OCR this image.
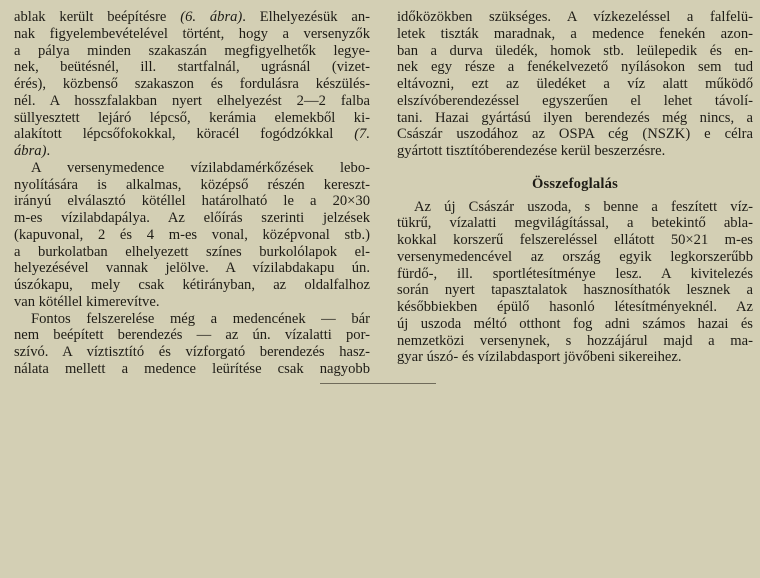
ablak került beépítésre (6. ábra). Elhelyezésük an-
nak figyelembevételével történt, hogy a versenyzők
a pálya minden szakaszán megfigyelhetők legye-
nek, beütésnél, ill. startfalnál, ugrásnál (vizet-
érés), közbenső szakaszon és fordulásra készülés-
nél. A hosszfalakban nyert elhelyezést 2—2 falba
süllyesztett lejáró lépcső, kerámia elemekből ki-
alakított lépcsőfokokkal, köracél fogódzókkal (7.
ábra).
A versenymedence vízilabdamérkőzések lebo-
nyolítására is alkalmas, középső részén kereszt-
irányú elválasztó kötéllel határolható le a 20×30
m-es vízilabdapálya. Az előírás szerinti jelzések
(kapuvonal, 2 és 4 m-es vonal, középvonal stb.)
a burkolatban elhelyezett színes burkolólapok el-
helyezésével vannak jelölve. A vízilabdakapu ún.
úszókapu, mely csak kétirányban, az oldalfalhoz
van kötéllel kimerevítve.
Fontos felszerelése még a medencének — bár
nem beépített berendezés — az ún. vízalatti por-
szívó. A víztisztító és vízforgató berendezés hasz-
nálata mellett a medence leürítése csak nagyobb
időközökben szükséges. A vízkezeléssel a falfelü-
letek tiszták maradnak, a medence fenekén azon-
ban a durva üledék, homok stb. leülepedik és en-
nek egy része a fenékelvezető nyílásokon sem tud
eltávozni, ezt az üledéket a víz alatt működő
elszívóberendezéssel egyszerűen el lehet távolí-
tani. Hazai gyártású ilyen berendezés még nincs, a
Császár uszodához az OSPA cég (NSZK) e célra
gyártott tisztítóberendezése kerül beszerzésre.
Összefoglalás
Az új Császár uszoda, s benne a feszített víz-
tükrű, vízalatti megvilágítással, a betekintő abla-
kokkal korszerű felszereléssel ellátott 50×21 m-es
versenymedencével az ország egyik legkorszerűbb
fürdő-, ill. sportlétesítménye lesz. A kivitelezés
során nyert tapasztalatok hasznosíthatók lesznek a
későbbiekben épülő hasonló létesítményeknél. Az
új uszoda méltó otthont fog adni számos hazai és
nemzetközi versenynek, s hozzájárul majd a ma-
gyar úszó- és vízilabdasport jövőbeni sikereihez.
